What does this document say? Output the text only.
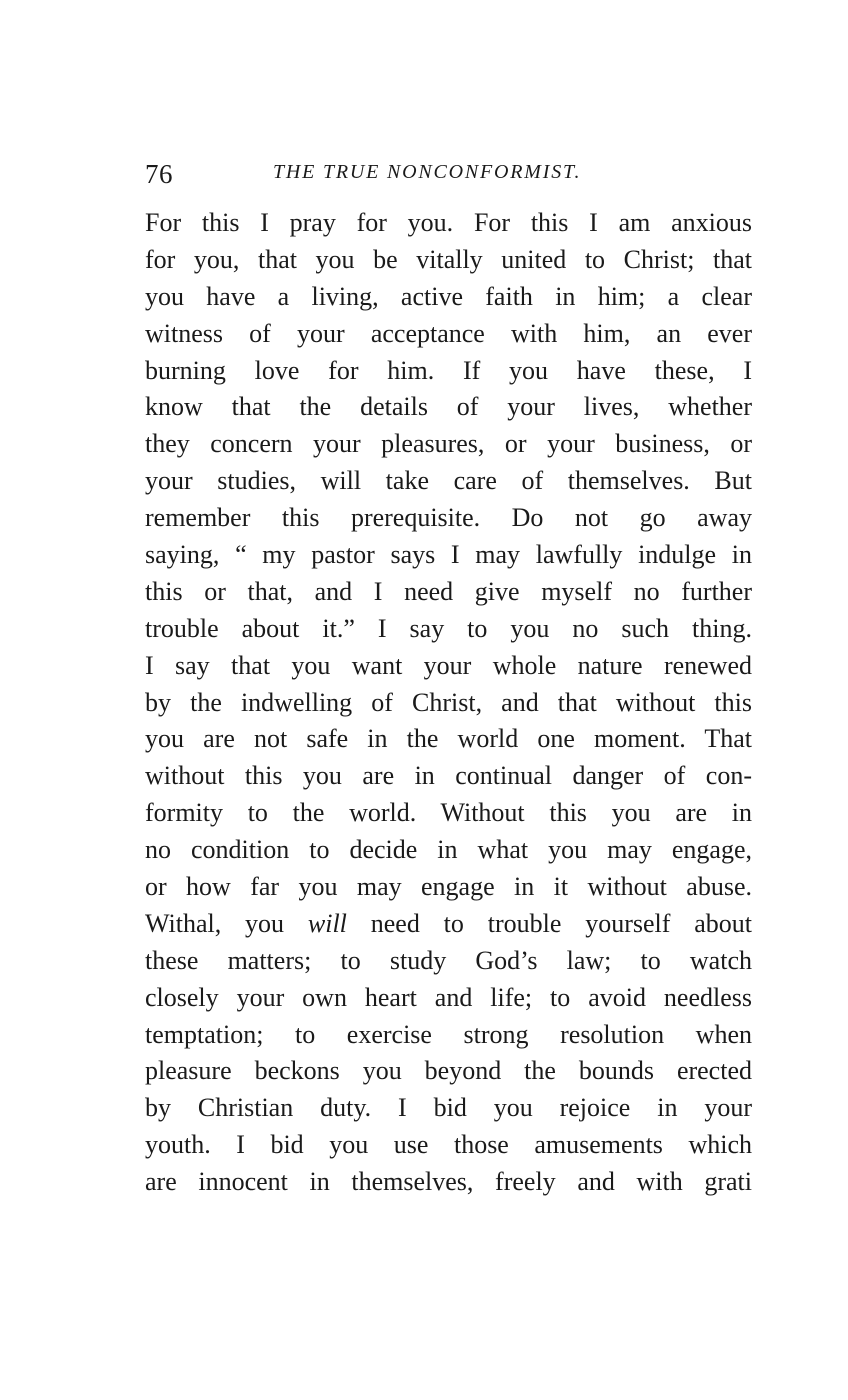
76	THE TRUE NONCONFORMIST.
For this I pray for you. For this I am anxious
for you, that you be vitally united to Christ; that
you have a living, active faith in him; a clear
witness of your acceptance with him, an ever
burning love for him. If you have these, I
know that the details of your lives, whether
they concern your pleasures, or your business, or
your studies, will take care of themselves. But
remember this prerequisite. Do not go away
saying, “ my pastor says I may lawfully indulge in
this or that, and I need give myself no further
trouble about it.” I say to you no such thing.
I say that you want your whole nature renewed
by the indwelling of Christ, and that without this
you are not safe in the world one moment. That
without this you are in continual danger of con-
formity to the world. Without this you are in
no condition to decide in what you may engage,
or how far you may engage in it without abuse.
Withal, you will need to trouble yourself about
these matters; to study God’s law; to watch
closely your own heart and life; to avoid needless
temptation; to exercise strong resolution when
pleasure beckons you beyond the bounds erected
by Christian duty. I bid you rejoice in your
youth. I bid you use those amusements which
are innocent in themselves, freely and with grati
